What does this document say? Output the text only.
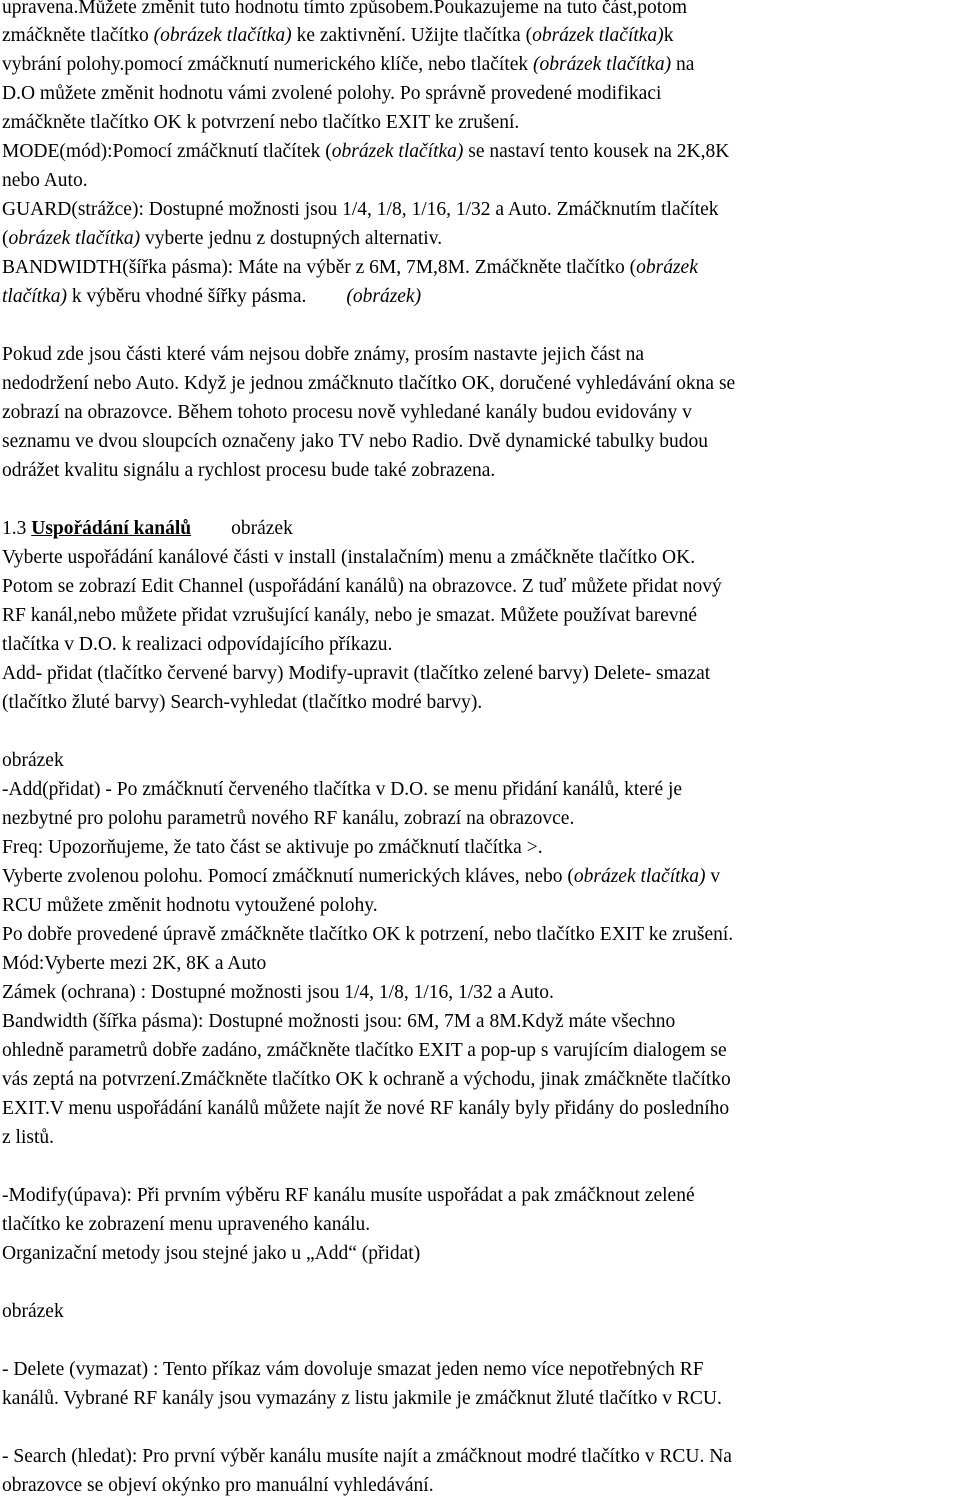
upravena.Můžete změnit tuto hodnotu tímto způsobem.Poukazujeme na tuto část,potom
zmáčkněte tlačítko (obrázek tlačítka) ke zaktivnění. Užijte tlačítka (obrázek tlačítka)k
vybrání polohy.pomocí zmáčknutí numerického klíče, nebo tlačítek (obrázek tlačítka) na
D.O můžete změnit hodnotu vámi zvolené polohy. Po správně provedené modifikaci
zmáčkněte tlačítko OK k potvrzení nebo tlačítko EXIT ke zrušení.
MODE(mód):Pomocí zmáčknutí tlačítek (obrázek tlačítka) se nastaví tento kousek na 2K,8K
nebo Auto.
GUARD(strážce): Dostupné možnosti jsou 1/4, 1/8, 1/16, 1/32 a Auto. Zmáčknutím tlačítek
(obrázek tlačítka) vyberte jednu z dostupných alternativ.
BANDWIDTH(šířka pásma): Máte na výběr z 6M, 7M,8M. Zmáčkněte tlačítko (obrázek
tlačítka) k výběru vhodné šířky pásma. (obrázek)
Pokud zde jsou části které vám nejsou dobře známy, prosím nastavte jejich část na
nedodržení nebo Auto. Když je jednou zmáčknuto tlačítko OK, doručené vyhledávání okna se
zobrazí na obrazovce. Během tohoto procesu nově vyhledané kanály budou evidovány v
seznamu ve dvou sloupcích označeny jako TV nebo Radio. Dvě dynamické tabulky budou
odrážet kvalitu signálu a rychlost procesu bude také zobrazena.
1.3 Uspořádání kanálů obrázek
Vyberte uspořádání kanálové části v install (instalačním) menu a zmáčkněte tlačítko OK.
Potom se zobrazí Edit Channel (uspořádání kanálů) na obrazovce. Z tuď můžete přidat nový
RF kanál,nebo můžete přidat vzrušující kanály, nebo je smazat. Můžete používat barevné
tlačítka v D.O. k realizaci odpovídajícího příkazu.
Add- přidat (tlačítko červené barvy) Modify-upravit (tlačítko zelené barvy) Delete- smazat
(tlačítko žluté barvy) Search-vyhledat (tlačítko modré barvy).
obrázek
-Add(přidat) - Po zmáčknutí červeného tlačítka v D.O. se menu přidání kanálů, které je
nezbytné pro polohu parametrů nového RF kanálu, zobrazí na obrazovce.
Freq: Upozorňujeme, že tato část se aktivuje po zmáčknutí tlačítka >.
Vyberte zvolenou polohu. Pomocí zmáčknutí numerických kláves, nebo (obrázek tlačítka) v
RCU můžete změnit hodnotu vytoužené polohy.
Po dobře provedené úpravě zmáčkněte tlačítko OK k potrzení, nebo tlačítko EXIT ke zrušení.
Mód:Vyberte mezi 2K, 8K a Auto
Zámek (ochrana) : Dostupné možnosti jsou 1/4, 1/8, 1/16, 1/32 a Auto.
Bandwidth (šířka pásma): Dostupné možnosti jsou: 6M, 7M a 8M.Když máte všechno
ohledně parametrů dobře zadáno, zmáčkněte tlačítko EXIT a pop-up s varujícím dialogem se
vás zeptá na potvrzení.Zmáčkněte tlačítko OK k ochraně a východu, jinak zmáčkněte tlačítko
EXIT.V menu uspořádání kanálů můžete najít že nové RF kanály byly přidány do posledního
z listů.
-Modify(úpava): Při prvním výběru RF kanálu musíte uspořádat a pak zmáčknout zelené
tlačítko ke zobrazení menu upraveného kanálu.
Organizační metody jsou stejné jako u „Add“ (přidat)
obrázek
- Delete (vymazat) : Tento příkaz vám dovoluje smazat jeden nemo více nepotřebných RF
kanálů. Vybrané RF kanály jsou vymazány z listu jakmile je zmáčknut žluté tlačítko v RCU.
- Search (hledat): Pro první výběr kanálu musíte najít a zmáčknout modré tlačítko v RCU. Na
obrazovce se objeví okýnko pro manuální vyhledávání.
